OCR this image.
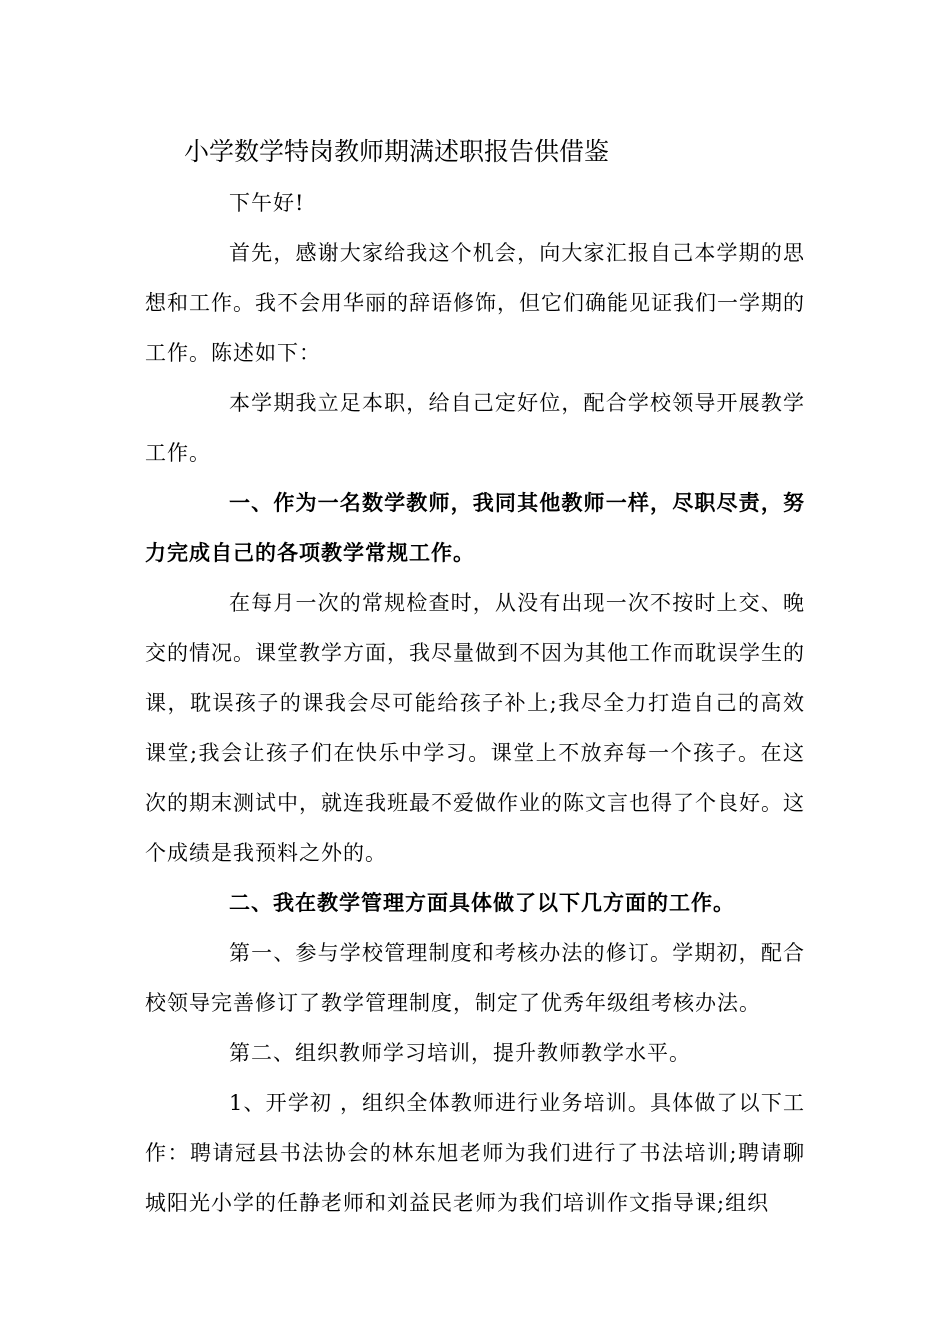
小学数学特岗教师期满述职报告供借鉴

下午好!

首先，感谢大家给我这个机会，向大家汇报自己本学期的思想和工作。我不会用华丽的辞语修饰，但它们确能见证我们一学期的工作。陈述如下：

本学期我立足本职，给自己定好位，配合学校领导开展教学工作。

一、作为一名数学教师，我同其他教师一样，尽职尽责，努力完成自己的各项教学常规工作。

在每月一次的常规检查时，从没有出现一次不按时上交、晚交的情况。课堂教学方面，我尽量做到不因为其他工作而耽误学生的课，耽误孩子的课我会尽可能给孩子补上;我尽全力打造自己的高效课堂;我会让孩子们在快乐中学习。课堂上不放弃每一个孩子。在这次的期末测试中，就连我班最不爱做作业的陈文言也得了个良好。这个成绩是我预料之外的。

二、我在教学管理方面具体做了以下几方面的工作。

第一、参与学校管理制度和考核办法的修订。学期初，配合校领导完善修订了教学管理制度，制定了优秀年级组考核办法。

第二、组织教师学习培训，提升教师教学水平。

1、开学初 ，组织全体教师进行业务培训。具体做了以下工作：聘请冠县书法协会的林东旭老师为我们进行了书法培训;聘请聊城阳光小学的任静老师和刘益民老师为我们培训作文指导课;组织
